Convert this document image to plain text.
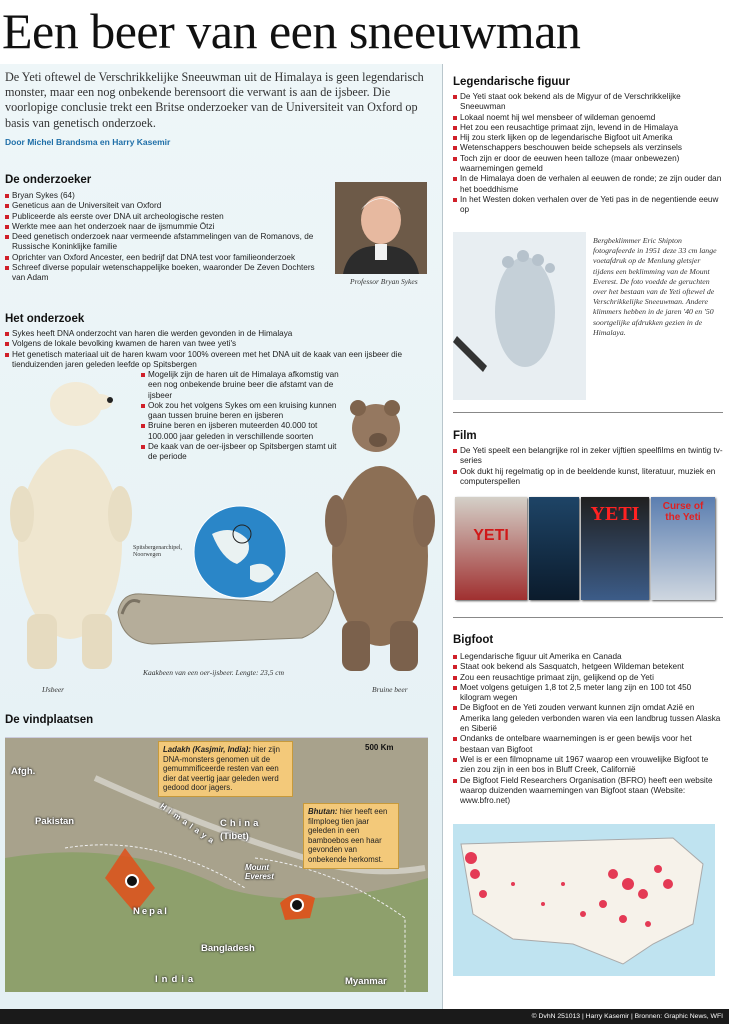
Een beer van een sneeuwman

De Yeti oftewel de Verschrikkelijke Sneeuwman uit de Himalaya is geen legendarisch monster, maar een nog onbekende berensoort die verwant is aan de ijsbeer. Die voorlopige conclusie trekt een Britse onderzoeker van de Universiteit van Oxford op basis van genetisch onderzoek.

Door Michel Brandsma en Harry Kasemir
De onderzoeker
Bryan Sykes (64)
Geneticus aan de Universiteit van Oxford
Publiceerde als eerste over DNA uit archeologische resten
Werkte mee aan het onderzoek naar de ijsmummie Ötzi
Deed genetisch onderzoek naar vermeende afstammelingen van de Romanovs, de Russische Koninklijke familie
Oprichter van Oxford Ancester, een bedrijf dat DNA test voor familieonderzoek
Schreef diverse populair wetenschappelijke boeken, waaronder De Zeven Dochters van Adam	Professor Bryan Sykes
Het onderzoek
Sykes heeft DNA onderzocht van haren die werden gevonden in de Himalaya
Volgens de lokale bevolking kwamen de haren van twee yeti's
Het genetisch materiaal uit de haren kwam voor 100% overeen met het DNA uit de kaak van een ijsbeer die tienduizenden jaren geleden leefde op Spitsbergen
Mogelijk zijn de haren uit de Himalaya afkomstig van een nog onbekende bruine beer die afstamt van de ijsbeer
Ook zou het volgens Sykes om een kruising kunnen gaan tussen bruine beren en ijsberen
Bruine beren en ijsberen muteerden 40.000 tot 100.000 jaar geleden in verschillende soorten
De kaak van de oer-ijsbeer op Spitsbergen stamt uit de periode
IJsbeer	Bruine beer
Spitsbergenarchipel, Noorwegen
Kaakbeen van een oer-ijsbeer. Lengte: 23,5 cm
De vindplaatsen
Ladakh (Kasjmir, India): hier zijn DNA-monsters genomen uit de gemummificeerde resten van een dier dat veertig jaar geleden werd gedood door jagers.
Bhutan: hier heeft een filmploeg tien jaar geleden in een bamboebos een haar gevonden van onbekende herkomst.
500 Km
Afgh.
Pakistan	Himalaya China
(Tibet)
Mount Everest
Nepal
Bangladesh
India	Myanmar
Legendarische figuur
De Yeti staat ook bekend als de Migyur of de Verschrikkelijke Sneeuwman
Lokaal noemt hij wel mensbeer of wildeman genoemd
Het zou een reusachtige primaat zijn, levend in de Himalaya
Hij zou sterk lijken op de legendarische Bigfoot uit Amerika
Wetenschappers beschouwen beide schepsels als verzinsels
Toch zijn er door de eeuwen heen talloze (maar onbewezen) waarnemingen gemeld
In de Himalaya doen de verhalen al eeuwen de ronde; ze zijn ouder dan het boeddhisme
In het Westen doken verhalen over de Yeti pas in de negentiende eeuw op
Bergbeklimmer Eric Shipton fotografeerde in 1951 deze 33 cm lange voetafdruk op de Menlung gletsjer tijdens een beklimming van de Mount Everest. De foto voedde de geruchten over het bestaan van de Yeti oftewel de Verschrikkelijke Sneeuwman. Andere klimmers hebben in de jaren '40 en '50 soortgelijke afdrukken gezien in de Himalaya.
Film
De Yeti speelt een belangrijke rol in zeker vijftien speelfilms en twintig tv-series
Ook dukt hij regelmatig op in de beeldende kunst, literatuur, muziek en computerspellen
YETI
YETI	Curse of the Yeti
Bigfoot
Legendarische figuur uit Amerika en Canada
Staat ook bekend als Sasquatch, hetgeen Wildeman betekent
Zou een reusachtige primaat zijn, gelijkend op de Yeti
Moet volgens getuigen 1,8 tot 2,5 meter lang zijn en 100 tot 450 kilogram wegen
De Bigfoot en de Yeti zouden verwant kunnen zijn omdat Azië en Amerika lang geleden verbonden waren via een landbrug tussen Alaska en Siberië
Ondanks de ontelbare waarnemingen is er geen bewijs voor het bestaan van Bigfoot
Wel is er een filmopname uit 1967 waarop een vrouwelijke Bigfoot te zien zou zijn in een bos in Bluff Creek, Californië
De Bigfoot Field Researchers Organisation (BFRO) heeft een website waarop duizenden waarnemingen van Bigfoot staan (Website: www.bfro.net)
© DvhN 251013 | Harry Kasemir | Bronnen: Graphic News, WFI
